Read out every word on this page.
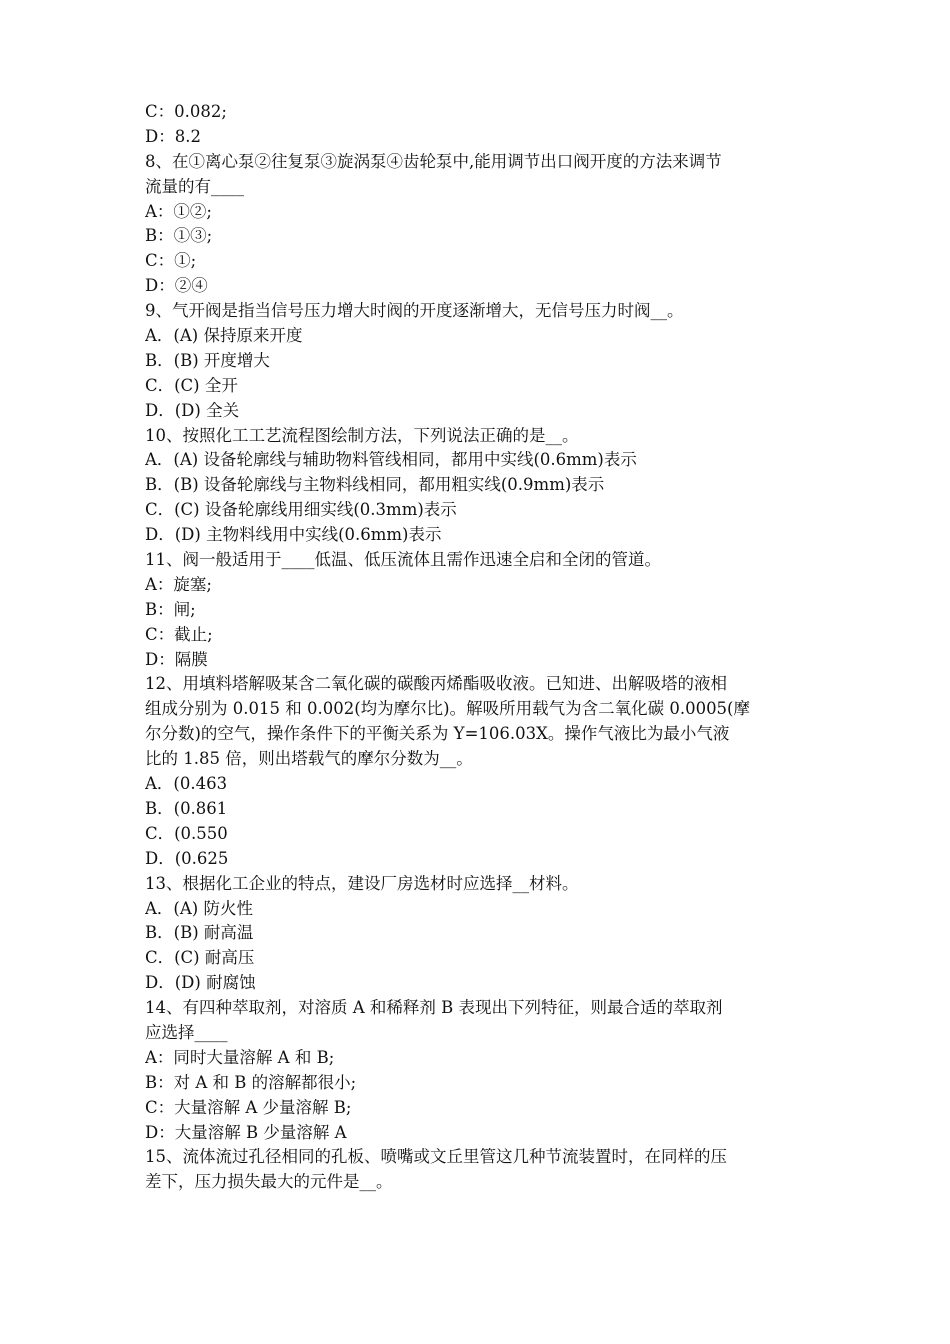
C：0.082;
D：8.2
8、在①离心泵②往复泵③旋涡泵④齿轮泵中,能用调节出口阀开度的方法来调节
流量的有____
A：①②;
B：①③;
C：①;
D：②④
9、气开阀是指当信号压力增大时阀的开度逐渐增大，无信号压力时阀__。
A．(A) 保持原来开度
B．(B) 开度增大
C．(C) 全开
D．(D) 全关
10、按照化工工艺流程图绘制方法，下列说法正确的是__。
A．(A) 设备轮廓线与辅助物料管线相同，都用中实线(0.6mm)表示
B．(B) 设备轮廓线与主物料线相同，都用粗实线(0.9mm)表示
C．(C) 设备轮廓线用细实线(0.3mm)表示
D．(D) 主物料线用中实线(0.6mm)表示
11、阀一般适用于____低温、低压流体且需作迅速全启和全闭的管道。
A：旋塞;
B：闸;
C：截止;
D：隔膜
12、用填料塔解吸某含二氧化碳的碳酸丙烯酯吸收液。已知进、出解吸塔的液相
组成分别为 0.015 和 0.002(均为摩尔比)。解吸所用载气为含二氧化碳 0.0005(摩
尔分数)的空气，操作条件下的平衡关系为 Y=106.03X。操作气液比为最小气液
比的 1.85 倍，则出塔载气的摩尔分数为__。
A．(0.463
B．(0.861
C．(0.550
D．(0.625
13、根据化工企业的特点，建设厂房选材时应选择__材料。
A．(A) 防火性
B．(B) 耐高温
C．(C) 耐高压
D．(D) 耐腐蚀
14、有四种萃取剂，对溶质 A 和稀释剂 B 表现出下列特征，则最合适的萃取剂
应选择____
A：同时大量溶解 A 和 B;
B：对 A 和 B 的溶解都很小;
C：大量溶解 A 少量溶解 B;
D：大量溶解 B 少量溶解 A
15、流体流过孔径相同的孔板、喷嘴或文丘里管这几种节流装置时，在同样的压
差下，压力损失最大的元件是__。
